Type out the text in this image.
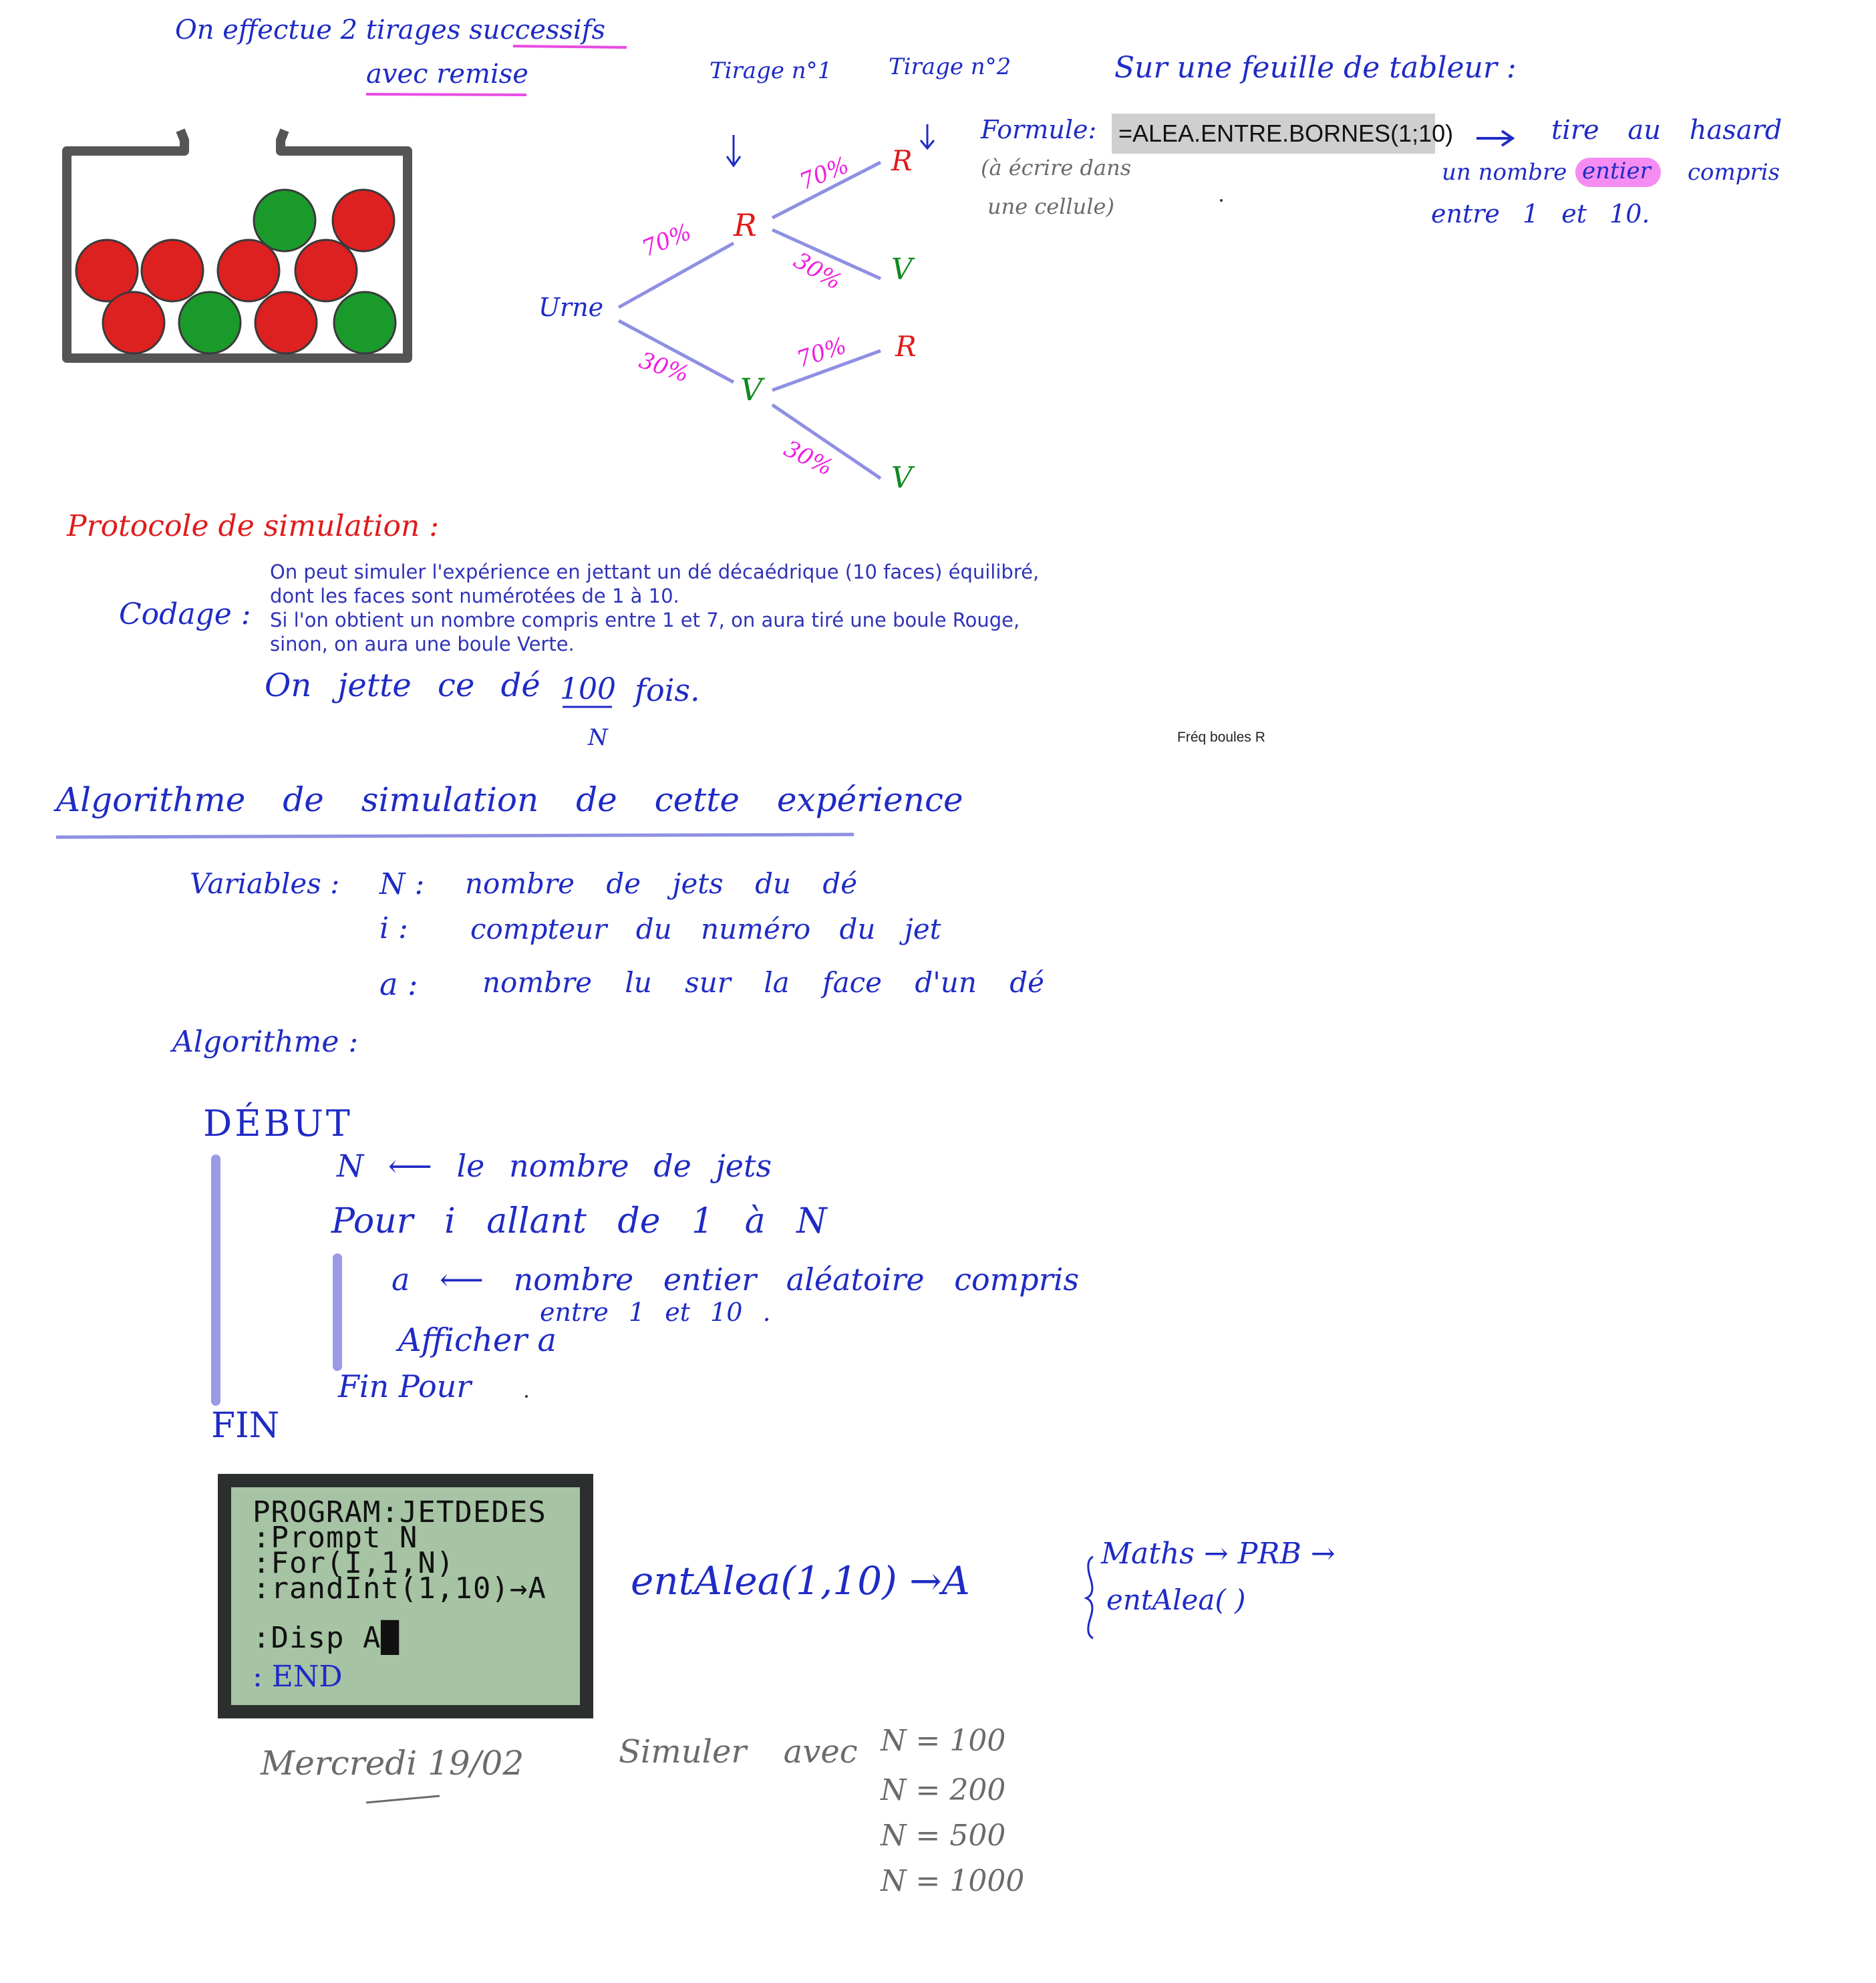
On effectue 2 tirages successifs
avec remise	Tirage n°1 Tirage n°2
Urne
R
V
R
V
R
V
70%
30%
70%
30%
70%
30%
Sur une feuille de tableur :
Formule: =ALEA.ENTRE.BORNES(1;10)
(à écrire dans
une cellule)
tire au hasard
un nombre entier compris
entre 1 et 10.
Protocole de simulation :
Codage :
On peut simuler l'expérience en jettant un dé décaédrique (10 faces) équilibré,
dont les faces sont numérotées de 1 à 10.
Si l'on obtient un nombre compris entre 1 et 7, on aura tiré une boule Rouge,
sinon, on aura une boule Verte.
On jette ce dé 100 fois.
N	Fréq boules R
Algorithme de simulation de cette expérience
Variables : N : nombre de jets du dé
i : compteur du numéro du jet
a : nombre lu sur la face d'un dé
Algorithme :
DÉBUT
N ⟵ le nombre de jets
Pour i allant de 1 à N
a ⟵ nombre entier aléatoire compris
entre 1 et 10 .
Afficher a
Fin Pour
FIN
PROGRAM:JETDEDES
:Prompt N
:For(I,1,N)
:randInt(1,10)→A
:Disp A█
: END
entAlea(1,10) →A
Maths → PRB →
entAlea( )
Mercredi 19/02	Simuler avec N = 100
N = 200
N = 500
N = 1000
